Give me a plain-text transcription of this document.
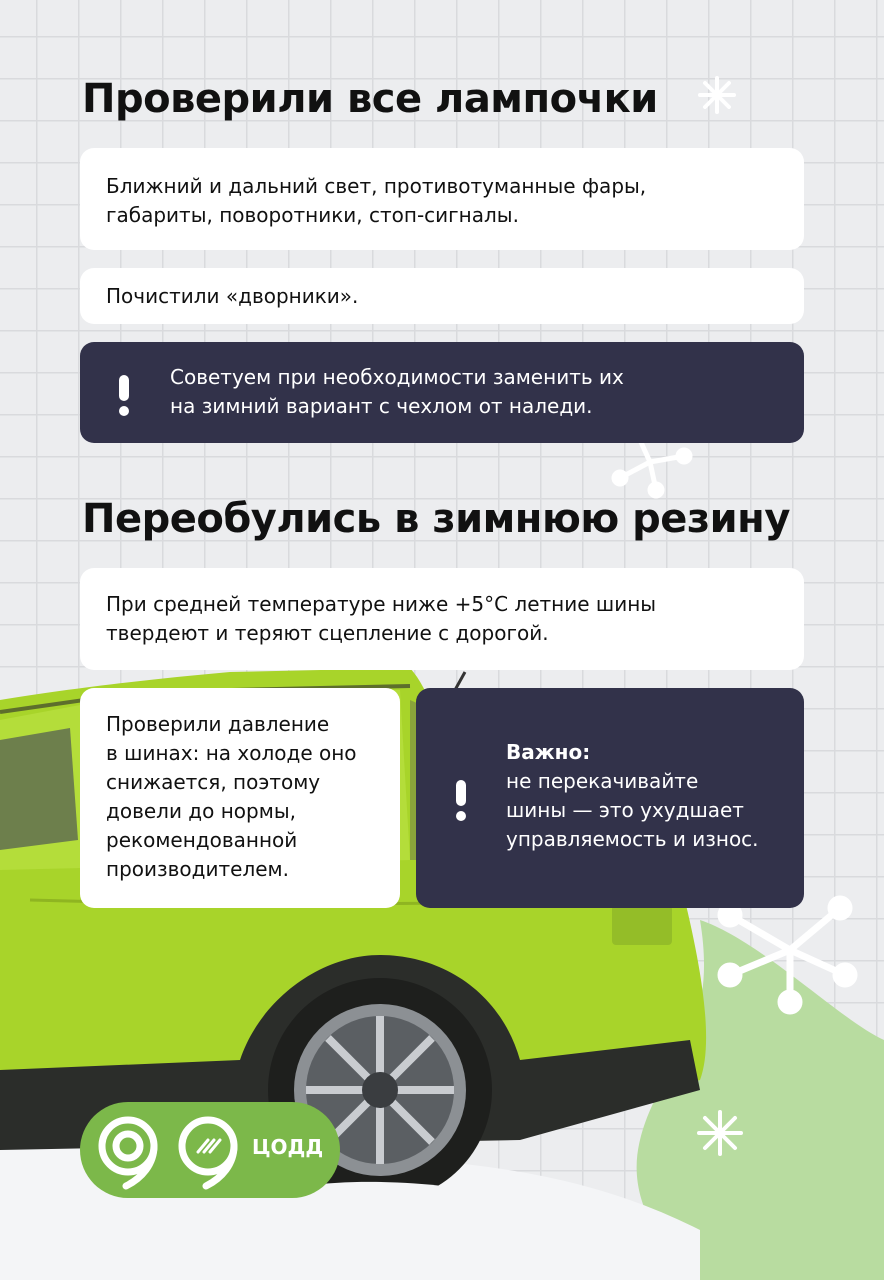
Проверили все лампочки
Ближний и дальний свет, противотуманные фары,
габариты, поворотники, стоп-сигналы.
Почистили «дворники».
Советуем при необходимости заменить их
на зимний вариант с чехлом от наледи.
Переобулись в зимнюю резину
При средней температуре ниже +5°С летние шины
твердеют и теряют сцепление с дорогой.
Проверили давление
в шинах: на холоде оно
снижается, поэтому
довели до нормы,
рекомендованной
производителем.
Важно:
не перекачивайте
шины — это ухудшает
управляемость и износ.
ЦОДД
